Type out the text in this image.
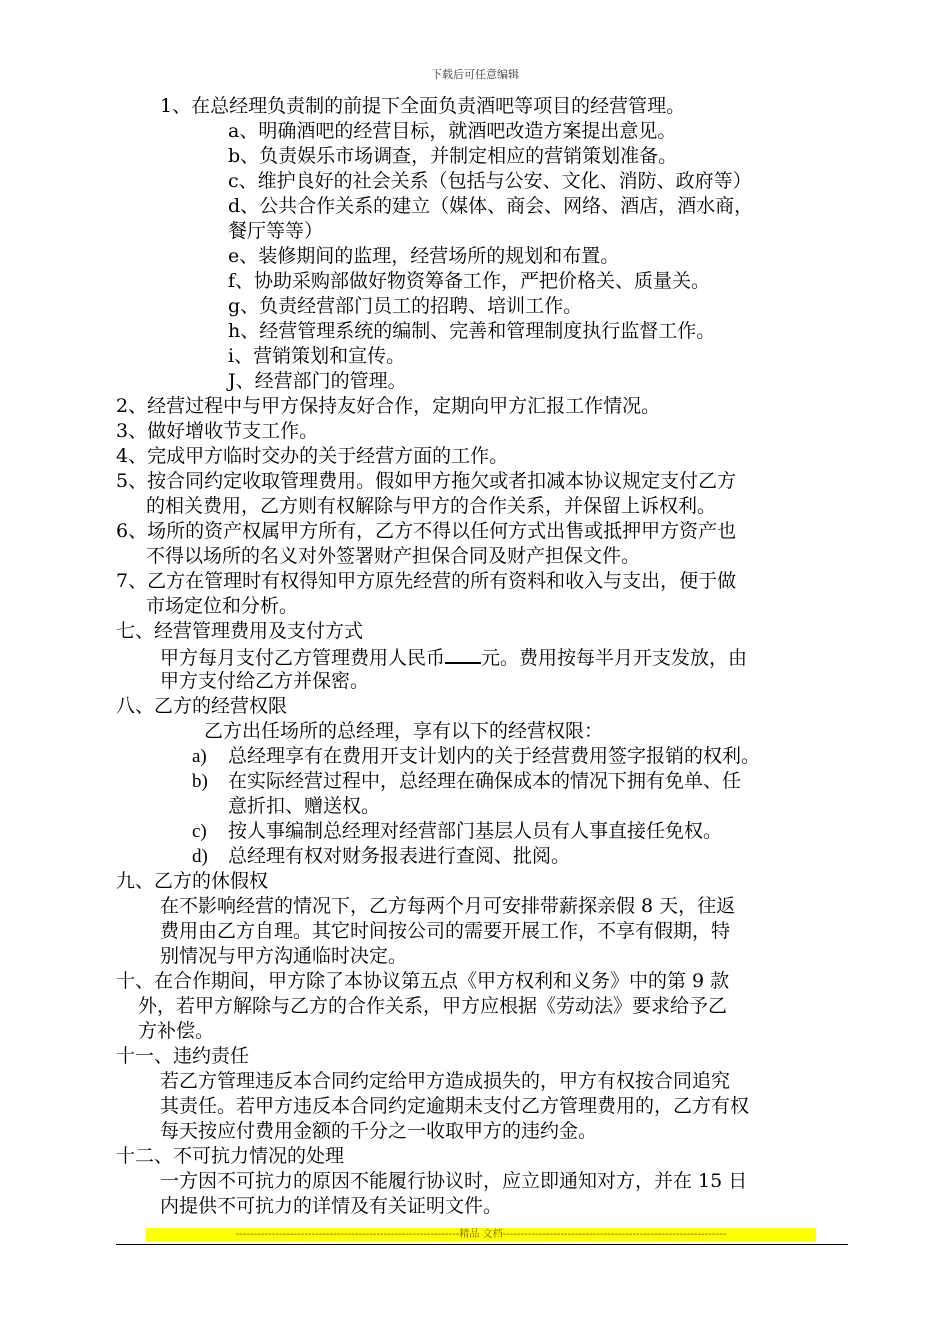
下载后可任意编辑
1、在总经理负责制的前提下全面负责酒吧等项目的经营管理。
a、明确酒吧的经营目标，就酒吧改造方案提出意见。
b、负责娱乐市场调查，并制定相应的营销策划准备。
c、维护良好的社会关系（包括与公安、文化、消防、政府等）
d、公共合作关系的建立（媒体、商会、网络、酒店，酒水商，
餐厅等等）
e、装修期间的监理，经营场所的规划和布置。
f、协助采购部做好物资筹备工作，严把价格关、质量关。
g、负责经营部门员工的招聘、培训工作。
h、经营管理系统的编制、完善和管理制度执行监督工作。
i、营销策划和宣传。
J、经营部门的管理。
2、经营过程中与甲方保持友好合作，定期向甲方汇报工作情况。
3、做好增收节支工作。
4、完成甲方临时交办的关于经营方面的工作。
5、按合同约定收取管理费用。假如甲方拖欠或者扣减本协议规定支付乙方
的相关费用，乙方则有权解除与甲方的合作关系，并保留上诉权利。
6、场所的资产权属甲方所有，乙方不得以任何方式出售或抵押甲方资产也
不得以场所的名义对外签署财产担保合同及财产担保文件。
7、乙方在管理时有权得知甲方原先经营的所有资料和收入与支出，便于做
市场定位和分析。
七、经营管理费用及支付方式
甲方每月支付乙方管理费用人民币 元。费用按每半月开支发放，由
甲方支付给乙方并保密。
八、乙方的经营权限
乙方出任场所的总经理，享有以下的经营权限：
a) 总经理享有在费用开支计划内的关于经营费用签字报销的权利。
b) 在实际经营过程中，总经理在确保成本的情况下拥有免单、任
意折扣、赠送权。
c) 按人事编制总经理对经营部门基层人员有人事直接任免权。
d) 总经理有权对财务报表进行查阅、批阅。
九、乙方的休假权
在不影响经营的情况下，乙方每两个月可安排带薪探亲假 8 天，往返
费用由乙方自理。其它时间按公司的需要开展工作，不享有假期，特
别情况与甲方沟通临时决定。
十、在合作期间，甲方除了本协议第五点《甲方权利和义务》中的第 9 款
外，若甲方解除与乙方的合作关系，甲方应根据《劳动法》要求给予乙
方补偿。
十一、违约责任
若乙方管理违反本合同约定给甲方造成损失的，甲方有权按合同追究
其责任。若甲方违反本合同约定逾期未支付乙方管理费用的，乙方有权
每天按应付费用金额的千分之一收取甲方的违约金。
十二、不可抗力情况的处理
一方因不可抗力的原因不能履行协议时，应立即通知对方，并在 15 日
内提供不可抗力的详情及有关证明文件。
--------------------------------------------------------------精品 文档--------------------------------------------------------------
